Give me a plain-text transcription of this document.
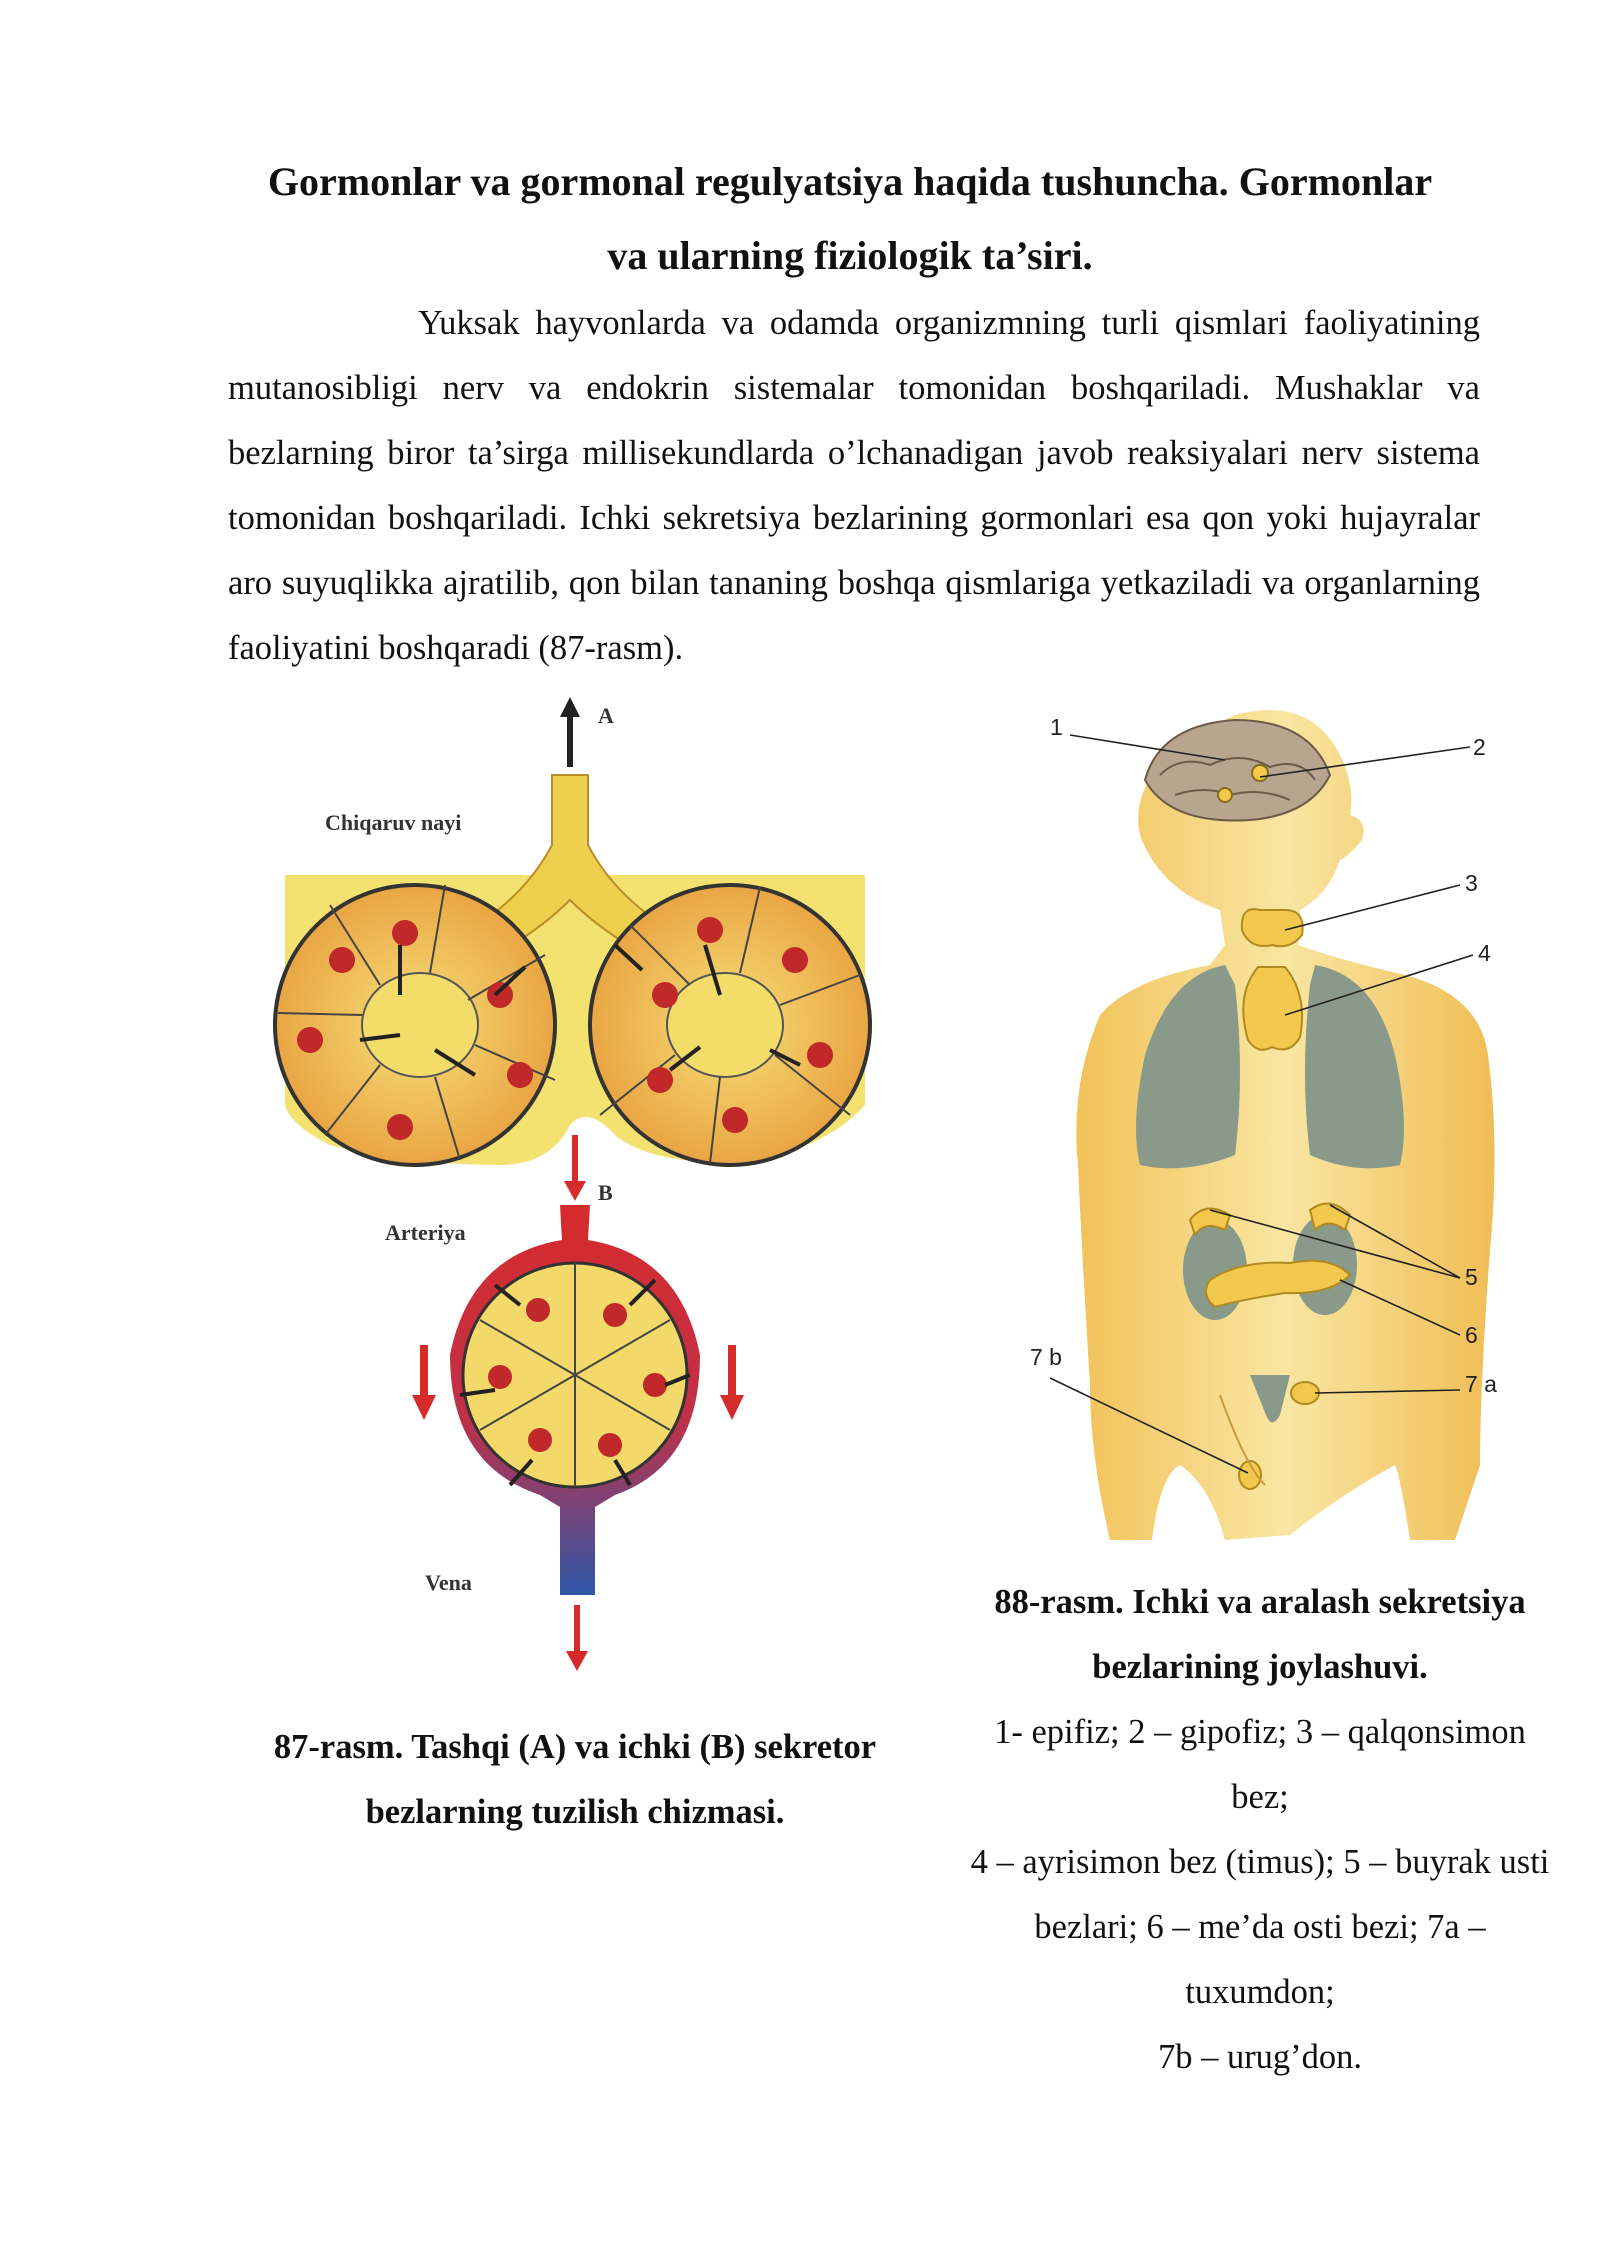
Gormonlar va gormonal regulyatsiya haqida tushuncha. Gormonlar
va ularning fiziologik ta’siri.

Yuksak hayvonlarda va odamda organizmning turli qismlari faoliyatining mutanosibligi nerv va endokrin sistemalar tomonidan boshqariladi. Mushaklar va bezlarning biror ta’sirga millisekundlarda o’lchanadigan javob reaksiyalari nerv sistema tomonidan boshqariladi. Ichki sekretsiya bezlarining gormonlari esa qon yoki hujayralar aro suyuqlikka ajratilib, qon bilan tananing boshqa qismlariga yetkaziladi va organlarning faoliyatini boshqaradi (87-rasm).

A
Chiqaruv nayi
B
Arteriya
Vena
1
2
3
4
5
6
7 a
7 b
87-rasm. Tashqi (A) va ichki (B) sekretor
bezlarning tuzilish chizmasi.
88-rasm. Ichki va aralash sekretsiya
bezlarining joylashuvi.
1- epifiz; 2 – gipofiz; 3 – qalqonsimon
bez;
4 – ayrisimon bez (timus); 5 – buyrak usti
bezlari; 6 – me’da osti bezi; 7a –
tuxumdon;
7b – urug’don.
